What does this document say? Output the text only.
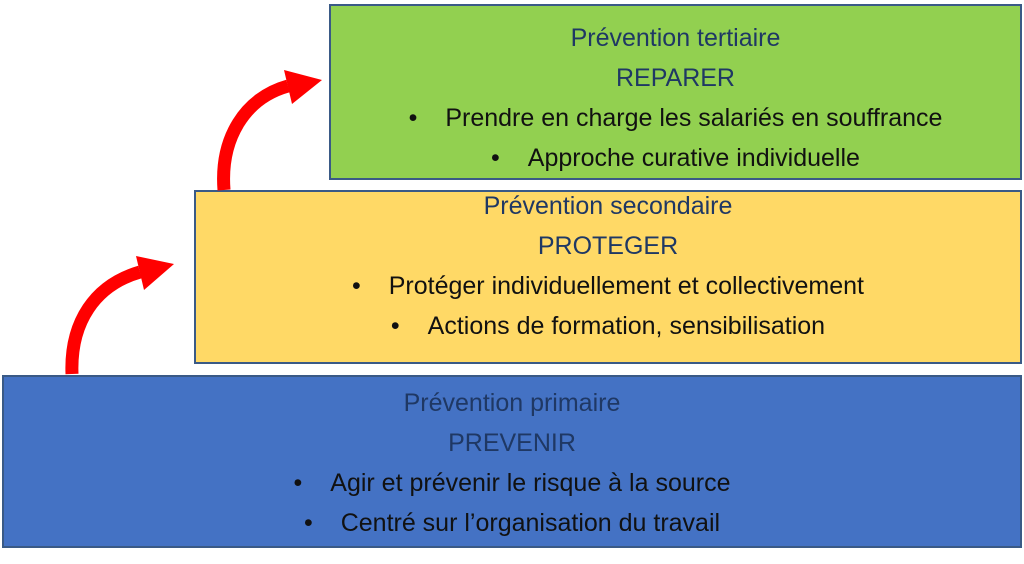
Prévention tertiaire
REPARER
• Prendre en charge les salariés en souffrance
• Approche curative individuelle
Prévention secondaire
PROTEGER
• Protéger individuellement et collectivement
• Actions de formation, sensibilisation
Prévention primaire
PREVENIR
• Agir et prévenir le risque à la source
• Centré sur l’organisation du travail
